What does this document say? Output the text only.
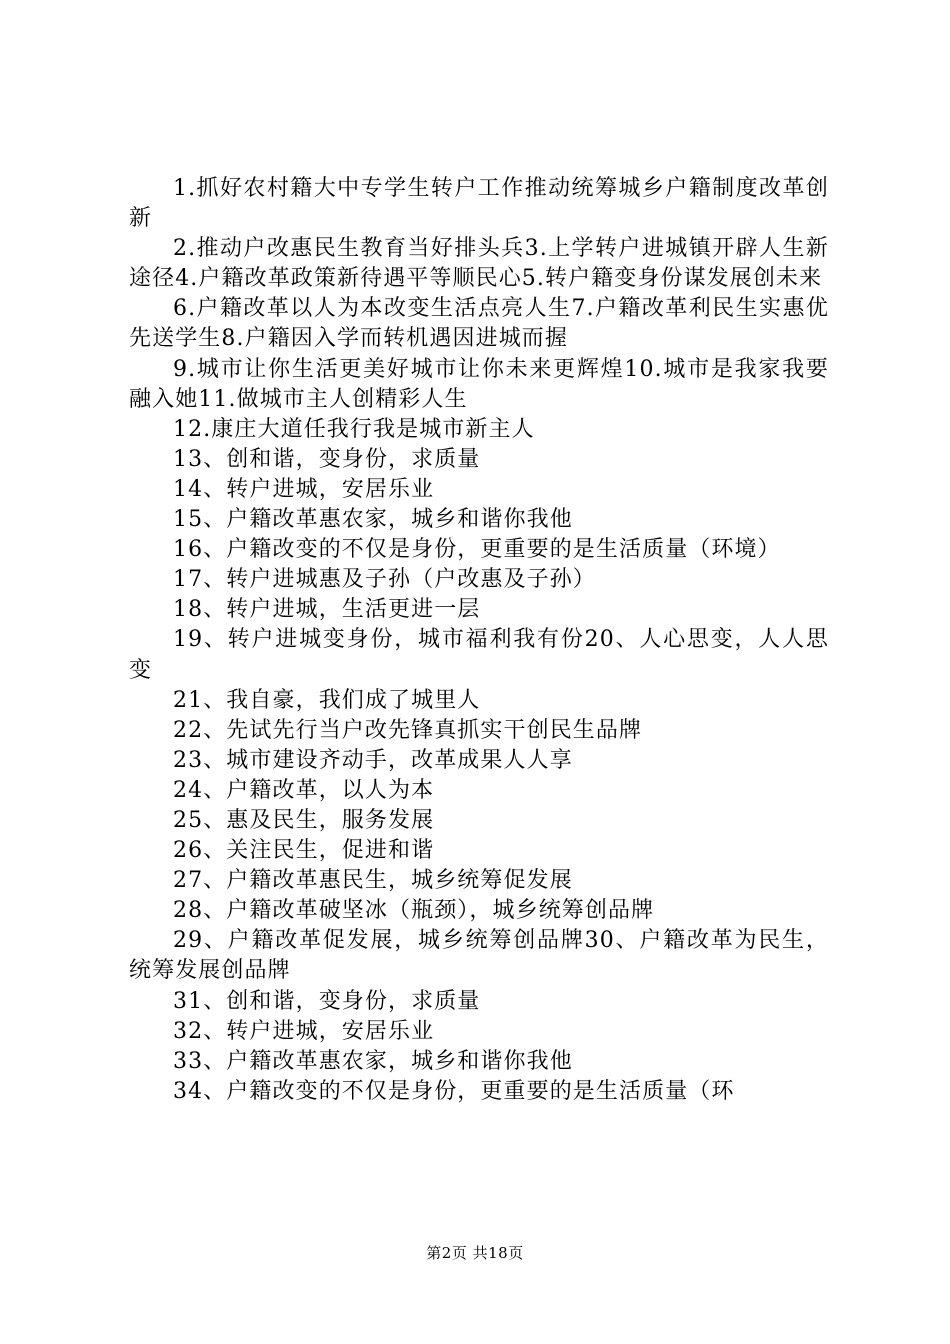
1.抓好农村籍大中专学生转户工作推动统筹城乡户籍制度改革创新

2.推动户改惠民生教育当好排头兵3.上学转户进城镇开辟人生新途径4.户籍改革政策新待遇平等顺民心5.转户籍变身份谋发展创未来

6.户籍改革以人为本改变生活点亮人生7.户籍改革利民生实惠优先送学生8.户籍因入学而转机遇因进城而握

9.城市让你生活更美好城市让你未来更辉煌10.城市是我家我要融入她11.做城市主人创精彩人生

12.康庄大道任我行我是城市新主人

13、创和谐，变身份，求质量

14、转户进城，安居乐业

15、户籍改革惠农家，城乡和谐你我他

16、户籍改变的不仅是身份，更重要的是生活质量（环境）

17、转户进城惠及子孙（户改惠及子孙）

18、转户进城，生活更进一层

19、转户进城变身份，城市福利我有份20、人心思变，人人思变

21、我自豪，我们成了城里人

22、先试先行当户改先锋真抓实干创民生品牌

23、城市建设齐动手，改革成果人人享

24、户籍改革，以人为本

25、惠及民生，服务发展

26、关注民生，促进和谐

27、户籍改革惠民生，城乡统筹促发展

28、户籍改革破坚冰（瓶颈），城乡统筹创品牌

29、户籍改革促发展，城乡统筹创品牌30、户籍改革为民生，统筹发展创品牌

31、创和谐，变身份，求质量

32、转户进城，安居乐业

33、户籍改革惠农家，城乡和谐你我他

34、户籍改变的不仅是身份，更重要的是生活质量（环

第2页 共18页
